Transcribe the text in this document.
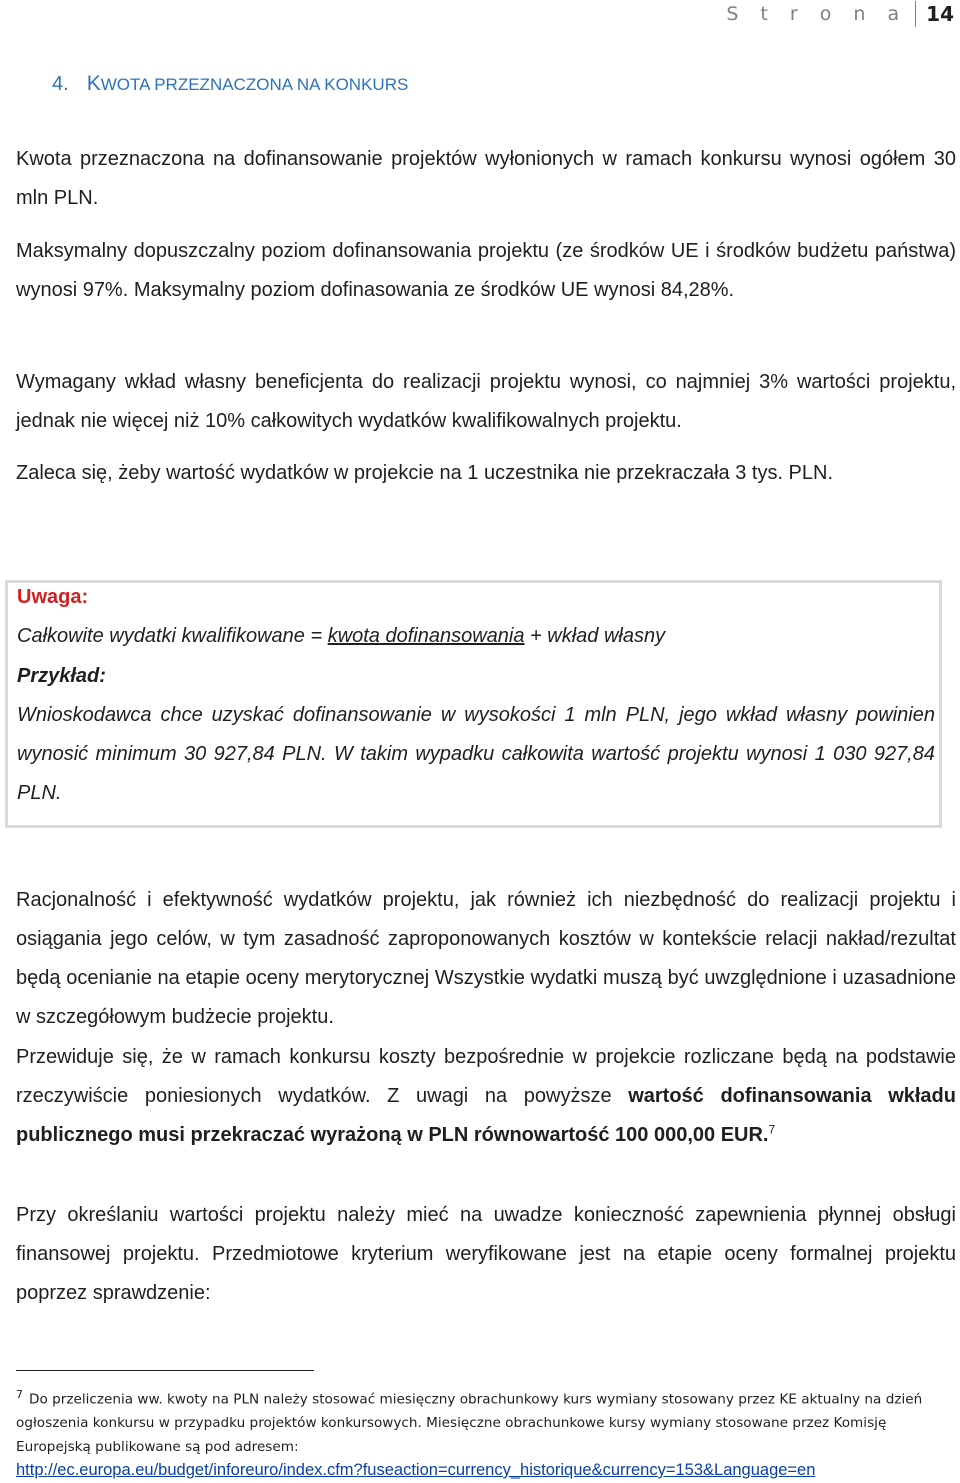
S t r o n a 14
4. K WOTA PRZEZNACZONA NA KONKURS

Kwota przeznaczona na dofinansowanie projektów wyłonionych w ramach konkursu wynosi ogółem 30 mln PLN.

Maksymalny dopuszczalny poziom dofinansowania projektu (ze środków UE i środków budżetu państwa) wynosi 97%. Maksymalny poziom dofinasowania ze środków UE wynosi 84,28%.

Wymagany wkład własny beneficjenta do realizacji projektu wynosi, co najmniej 3% wartości projektu, jednak nie więcej niż 10% całkowitych wydatków kwalifikowalnych projektu.

Zaleca się, żeby wartość wydatków w projekcie na 1 uczestnika nie przekraczała 3 tys. PLN.

Uwaga:
Całkowite wydatki kwalifikowane = kwota dofinansowania + wkład własny
Przykład:
Wnioskodawca chce uzyskać dofinansowanie w wysokości 1 mln PLN, jego wkład własny powinien wynosić minimum 30 927,84 PLN. W takim wypadku całkowita wartość projektu wynosi 1 030 927,84 PLN.

Racjonalność i efektywność wydatków projektu, jak również ich niezbędność do realizacji projektu i osiągania jego celów, w tym zasadność zaproponowanych kosztów w kontekście relacji nakład/rezultat będą ocenianie na etapie oceny merytorycznej Wszystkie wydatki muszą być uwzględnione i uzasadnione w szczegółowym budżecie projektu.

Przewiduje się, że w ramach konkursu koszty bezpośrednie w projekcie rozliczane będą na podstawie rzeczywiście poniesionych wydatków. Z uwagi na powyższe wartość dofinansowania wkładu publicznego musi przekraczać wyrażoną w PLN równowartość 100 000,00 EUR.$^7$

Przy określaniu wartości projektu należy mieć na uwadze konieczność zapewnienia płynnej obsługi finansowej projektu. Przedmiotowe kryterium weryfikowane jest na etapie oceny formalnej projektu poprzez sprawdzenie:

$^7$ Do przeliczenia ww. kwoty na PLN należy stosować miesięczny obrachunkowy kurs wymiany stosowany przez KE aktualny na dzień ogłoszenia konkursu w przypadku projektów konkursowych. Miesięczne obrachunkowe kursy wymiany stosowane przez Komisję Europejską publikowane są pod adresem:
http://ec.europa.eu/budget/inforeuro/index.cfm?fuseaction=currency_historique&currency=153&Language=en
